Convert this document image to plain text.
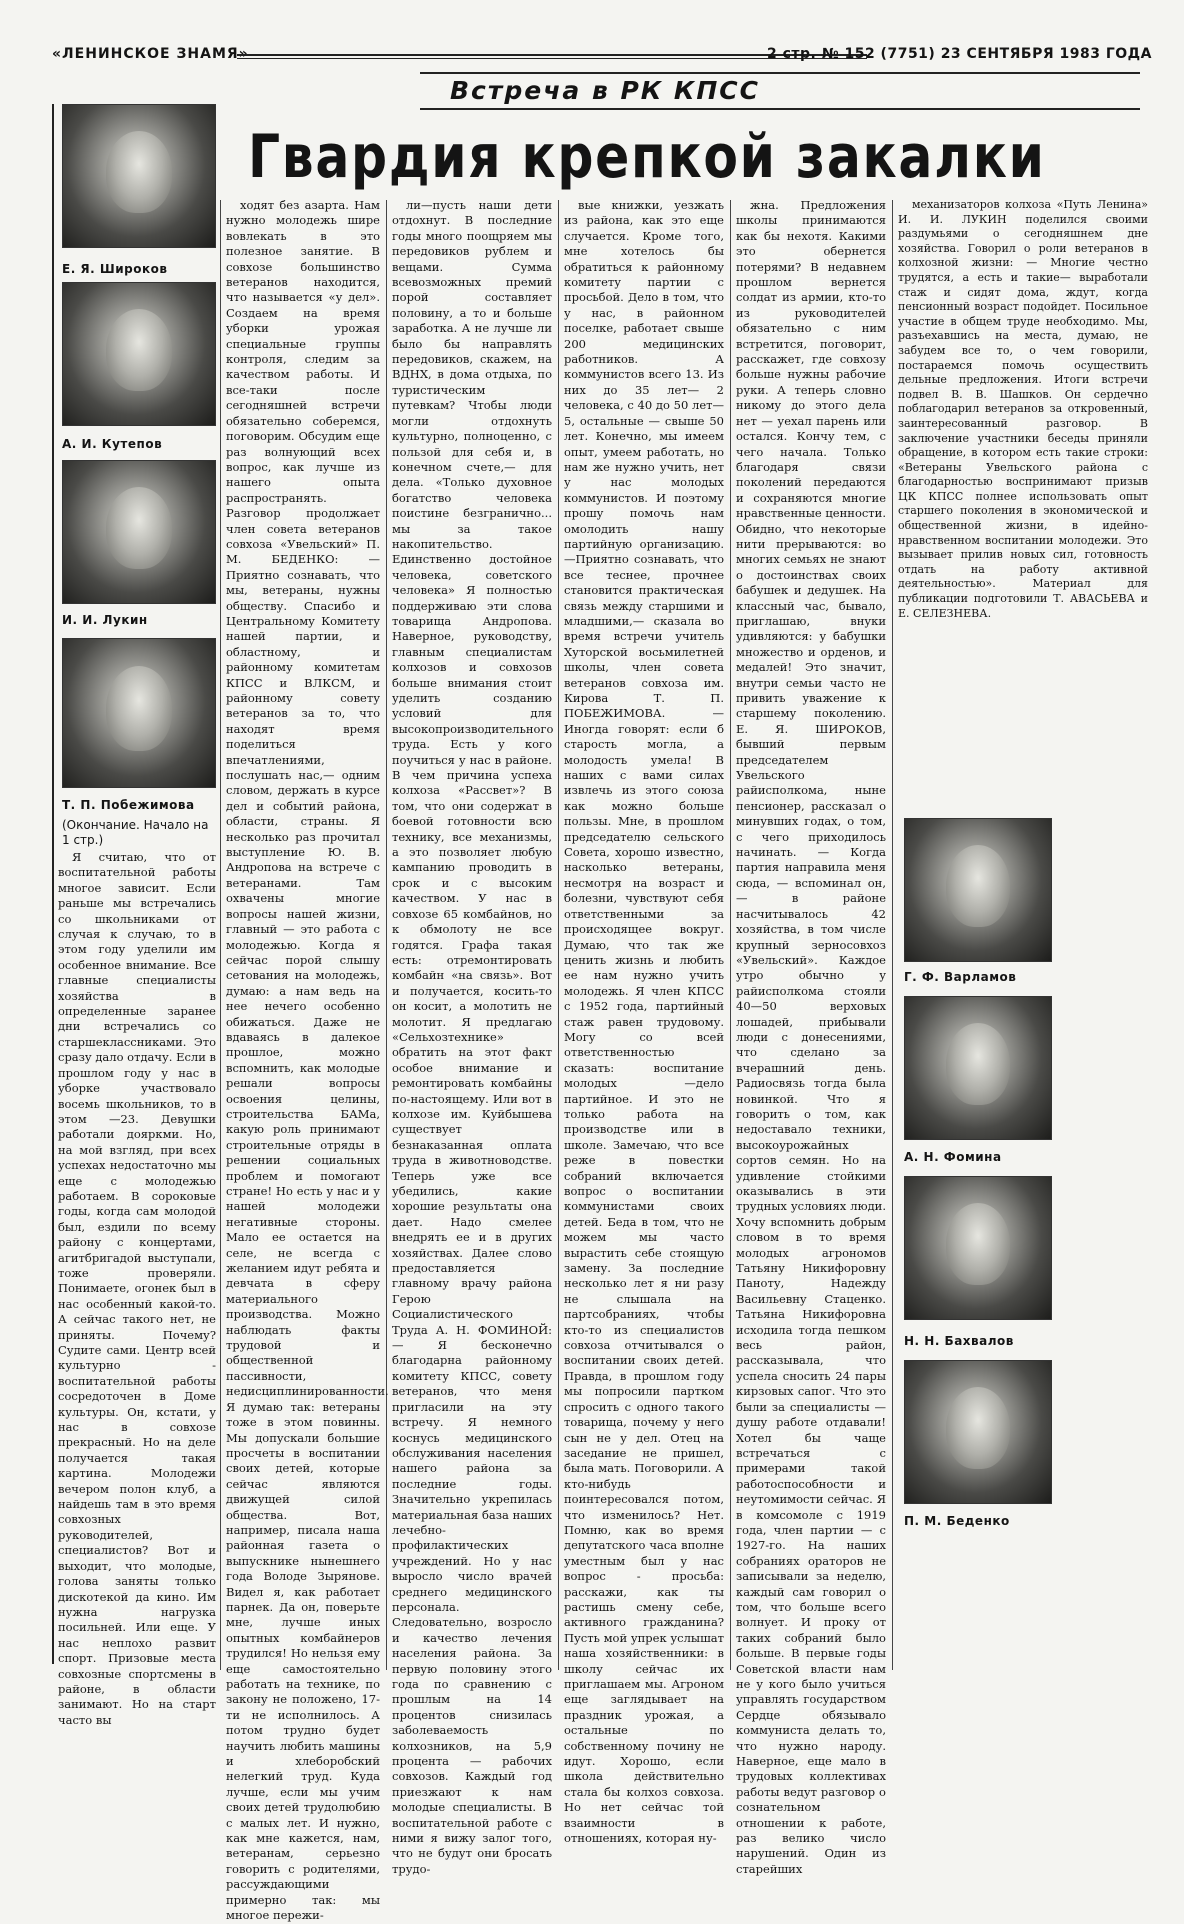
«ЛЕНИНСКОЕ ЗНАМЯ»	2 стр. № 152 (7751) 23 СЕНТЯБРЯ 1983 ГОДА
Встреча в РК КПСС
Гвардия крепкой закалки
Е. Я. Широков
А. И. Кутепов
И. И. Лукин
Т. П. Побежимова
(Окончание. Начало на 1 стр.)

Я считаю, что от воспитательной работы многое зависит. Если раньше мы встречались со школьниками от случая к случаю, то в этом году уделили им особенное внимание. Все главные специалисты хозяйства в определенные заранее дни встречались со старшеклассниками. Это сразу дало отдачу. Если в прошлом году у нас в уборке участвовало восемь школьников, то в этом —23. Девушки работали дояркми. Но, на мой взгляд, при всех успехах недостаточно мы еще с молодежью работаем. В сороковые годы, когда сам молодой был, ездили по всему району с концертами, агитбригадой выступали, тоже проверяли. Понимаете, огонек был в нас особенный какой-то. А сейчас такого нет, не приняты. Почему? Судите сами. Центр всей культурно - воспитательной работы сосредоточен в Доме культуры. Он, кстати, у нас в совхозе прекрасный. Но на деле получается такая картина. Молодежи вечером полон клуб, а найдешь там в это время совхозных руководителей, специалистов? Вот и выходит, что молодые, голова заняты только дискотекой да кино. Им нужна нагрузка посильней. Или еще. У нас неплохо развит спорт. Призовые места совхозные спортсмены в районе, в области занимают. Но на старт часто вы

ходят без азарта. Нам нужно молодежь шире вовлекать в это полезное занятие. В совхозе большинство ветеранов находится, что называется «у дел». Создаем на время уборки урожая специальные группы контроля, следим за качеством работы. И все-таки после сегодняшней встречи обязательно соберемся, поговорим. Обсудим еще раз волнующий всех вопрос, как лучше из нашего опыта распространять. Разговор продолжает член совета ветеранов совхоза «Увельский» П. М. БЕДЕНКО: — Приятно сознавать, что мы, ветераны, нужны обществу. Спасибо и Центральному Комитету нашей партии, и областному, и районному комитетам КПСС и ВЛКСМ, и районному совету ветеранов за то, что находят время поделиться впечатлениями, послушать нас,— одним словом, держать в курсе дел и событий района, области, страны. Я несколько раз прочитал выступление Ю. В. Андропова на встрече с ветеранами. Там охвачены многие вопросы нашей жизни, главный — это работа с молодежью. Когда я сейчас порой слышу сетования на молодежь, думаю: а нам ведь на нее нечего особенно обижаться. Даже не вдаваясь в далекое прошлое, можно вспомнить, как молодые решали вопросы освоения целины, строительства БАМа, какую роль принимают строительные отряды в решении социальных проблем и помогают стране! Но есть у нас и у нашей молодежи негативные стороны. Мало ее остается на селе, не всегда с желанием идут ребята и девчата в сферу материального производства. Можно наблюдать факты трудовой и общественной пассивности, недисциплинированности. Я думаю так: ветераны тоже в этом повинны. Мы допускали большие просчеты в воспитании своих детей, которые сейчас являются движущей силой общества. Вот, например, писала наша районная газета о выпускнике нынешнего года Володе Зырянове. Видел я, как работает парнек. Да он, поверьте мне, лучше иных опытных комбайнеров трудился! Но нельзя ему еще самостоятельно работать на технике, по закону не положено, 17-ти не исполнилось. А потом трудно будет научить любить машины и хлеборобский нелегкий труд. Куда лучше, если мы учим своих детей трудолюбию с малых лет. И нужно, как мне кажется, нам, ветеранам, серьезно говорить с родителями, рассуждающими примерно так: мы многое пережи-

ли—пусть наши дети отдохнут. В последние годы много поощряем мы передовиков рублем и вещами. Сумма всевозможных премий порой составляет половину, а то и больше заработка. А не лучше ли было бы направлять передовиков, скажем, на ВДНХ, в дома отдыха, по туристическим путевкам? Чтобы люди могли отдохнуть культурно, полноценно, с пользой для себя и, в конечном счете,— для дела. «Только духовное богатство человека поистине безгранично... мы за такое накопительство. Единственно достойное человека, советского человека» Я полностью поддерживаю эти слова товарища Андропова. Наверное, руководству, главным специалистам колхозов и совхозов больше внимания стоит уделить созданию условий для высокопроизводительного труда. Есть у кого поучиться у нас в районе. В чем причина успеха колхоза «Рассвет»? В том, что они содержат в боевой готовности всю технику, все механизмы, а это позволяет любую кампанию проводить в срок и с высоким качеством. У нас в совхозе 65 комбайнов, но к обмолоту не все годятся. Графа такая есть: отремонтировать комбайн «на связь». Вот и получается, косить-то он косит, а молотить не молотит. Я предлагаю «Сельхозтехнике» обратить на этот факт особое внимание и ремонтировать комбайны по-настоящему. Или вот в колхозе им. Куйбышева существует безнаказанная оплата труда в животноводстве. Теперь уже все убедились, какие хорошие результаты она дает. Надо смелее внедрять ее и в других хозяйствах. Далее слово предоставляется главному врачу района Герою Социалистического Труда А. Н. ФОМИНОЙ: — Я бесконечно благодарна районному комитету КПСС, совету ветеранов, что меня пригласили на эту встречу. Я немного коснусь медицинского обслуживания населения нашего района за последние годы. Значительно укрепилась материальная база наших лечебно-профилактических учреждений. Но у нас выросло число врачей среднего медицинского персонала. Следовательно, возросло и качество лечения населения района. За первую половину этого года по сравнению с прошлым на 14 процентов снизилась заболеваемость колхозников, на 5,9 процента — рабочих совхозов. Каждый год приезжают к нам молодые специалисты. В воспитательной работе с ними я вижу залог того, что не будут они бросать трудо-

вые книжки, уезжать из района, как это еще случается. Кроме того, мне хотелось бы обратиться к районному комитету партии с просьбой. Дело в том, что у нас, в районном поселке, работает свыше 200 медицинских работников. А коммунистов всего 13. Из них до 35 лет— 2 человека, с 40 до 50 лет—5, остальные — свыше 50 лет. Конечно, мы имеем опыт, умеем работать, но нам же нужно учить, нет у нас молодых коммунистов. И поэтому прошу помочь нам омолодить нашу партийную организацию. —Приятно сознавать, что все теснее, прочнее становится практическая связь между старшими и младшими,— сказала во время встречи учитель Хуторской восьмилетней школы, член совета ветеранов совхоза им. Кирова Т. П. ПОБЕЖИМОВА. — Иногда говорят: если б старость могла, а молодость умела! В наших с вами силах извлечь из этого союза как можно больше пользы. Мне, в прошлом председателю сельского Совета, хорошо известно, насколько ветераны, несмотря на возраст и болезни, чувствуют себя ответственными за происходящее вокруг. Думаю, что так же ценить жизнь и любить ее нам нужно учить молодежь. Я член КПСС с 1952 года, партийный стаж равен трудовому. Могу со всей ответственностью сказать: воспитание молодых —дело партийное. И это не только работа на производстве или в школе. Замечаю, что все реже в повестки собраний включается вопрос о воспитании коммунистами своих детей. Беда в том, что не можем мы часто вырастить себе стоящую замену. За последние несколько лет я ни разу не слышала на партсобраниях, чтобы кто-то из специалистов совхоза отчитывался о воспитании своих детей. Правда, в прошлом году мы попросили партком спросить с одного такого товарища, почему у него сын не у дел. Отец на заседание не пришел, была мать. Поговорили. А кто-нибудь поинтересовался потом, что изменилось? Нет. Помню, как во время депутатского часа вполне уместным был у нас вопрос - просьба: расскажи, как ты растишь смену себе, активного гражданина? Пусть мой упрек услышат наша хозяйственники: в школу сейчас их приглашаем мы. Агроном еще заглядывает на праздник урожая, а остальные по собственному почину не идут. Хорошо, если школа действительно стала бы колхоз совхоза. Но нет сейчас той взаимности в отношениях, которая ну-

жна. Предложения школы принимаются как бы нехотя. Какими это обернется потерями? В недавнем прошлом вернется солдат из армии, кто-то из руководителей обязательно с ним встретится, поговорит, расскажет, где совхозу больше нужны рабочие руки. А теперь словно никому до этого дела нет — уехал парень или остался. Кончу тем, с чего начала. Только благодаря связи поколений передаются и сохраняются многие нравственные ценности. Обидно, что некоторые нити прерываются: во многих семьях не знают о достоинствах своих бабушек и дедушек. На классный час, бывало, приглашаю, внуки удивляются: у бабушки множество и орденов, и медалей! Это значит, внутри семьи часто не привить уважение к старшему поколению. Е. Я. ШИРОКОВ, бывший первым председателем Увельского райисполкома, ныне пенсионер, рассказал о минувших годах, о том, с чего приходилось начинать. — Когда партия направила меня сюда, — вспоминал он, — в районе насчитывалось 42 хозяйства, в том числе крупный зерносовхоз «Увельский». Каждое утро обычно у райисполкома стояли 40—50 верховых лошадей, прибывали люди с донесениями, что сделано за вчерашний день. Радиосвязь тогда была новинкой. Что я говорить о том, как недоставало техники, высокоурожайных сортов семян. Но на удивление стойкими оказывались в эти трудных условиях люди. Хочу вспомнить добрым словом в то время молодых агрономов Татьяну Никифоровну Паноту, Надежду Васильевну Стаценко. Татьяна Никифоровна исходила тогда пешком весь район, рассказывала, что успела сносить 24 пары кирзовых сапог. Что это были за специалисты — душу работе отдавали! Хотел бы чаще встречаться с примерами такой работоспособности и неутомимости сейчас. Я в комсомоле с 1919 года, член партии — с 1927-го. На наших собраниях ораторов не записывали за неделю, каждый сам говорил о том, что больше всего волнует. И проку от таких собраний было больше. В первые годы Советской власти нам не у кого было учиться управлять государством Сердце обязывало коммуниста делать то, что нужно народу. Наверное, еще мало в трудовых коллективах работы ведут разговор о сознательном отношении к работе, раз велико число нарушений. Один из старейших

механизаторов колхоза «Путь Ленина» И. И. ЛУКИН поделился своими раздумьями о сегодняшнем дне хозяйства. Говорил о роли ветеранов в колхозной жизни: — Многие честно трудятся, а есть и такие— выработали стаж и сидят дома, ждут, когда пенсионный возраст подойдет. Посильное участие в общем труде необходимо. Мы, разъехавшись на места, думаю, не забудем все то, о чем говорили, постараемся помочь осуществить дельные предложения. Итоги встречи подвел В. В. Шашков. Он сердечно поблагодарил ветеранов за откровенный, заинтересованный разговор. В заключение участники беседы приняли обращение, в котором есть такие строки: «Ветераны Увельского района с благодарностью воспринимают призыв ЦК КПСС полнее использовать опыт старшего поколения в экономической и общественной жизни, в идейно-нравственном воспитании молодежи. Это вызывает прилив новых сил, готовность отдать на работу активной деятельностью». Материал для публикации подготовили Т. АВАСЬЕВА и Е. СЕЛЕЗНЕВА.

Г. Ф. Варламов
А. Н. Фомина
Н. Н. Бахвалов
П. М. Беденко
